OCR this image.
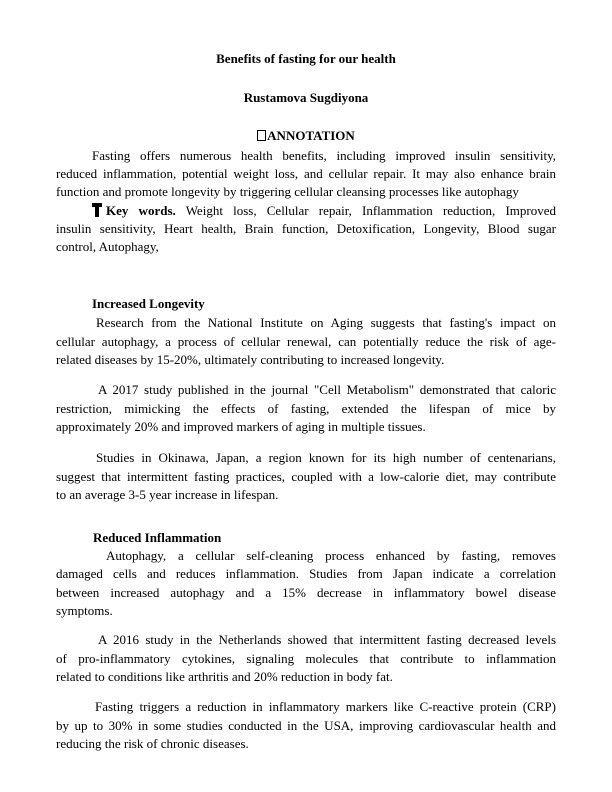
Benefits of fasting for our health
Rustamova Sugdiyona
ANNOTATION
Fasting offers numerous health benefits, including improved insulin sensitivity,
reduced inflammation, potential weight loss, and cellular repair. It may also enhance brain
function and promote longevity by triggering cellular cleansing processes like autophagy
Key words. Weight loss, Cellular repair, Inflammation reduction, Improved
insulin sensitivity, Heart health, Brain function, Detoxification, Longevity, Blood sugar
control, Autophagy,
Increased Longevity
Research from the National Institute on Aging suggests that fasting's impact on
cellular autophagy, a process of cellular renewal, can potentially reduce the risk of age-
related diseases by 15-20%, ultimately contributing to increased longevity.
A 2017 study published in the journal "Cell Metabolism" demonstrated that caloric
restriction, mimicking the effects of fasting, extended the lifespan of mice by
approximately 20% and improved markers of aging in multiple tissues.
Studies in Okinawa, Japan, a region known for its high number of centenarians,
suggest that intermittent fasting practices, coupled with a low-calorie diet, may contribute
to an average 3-5 year increase in lifespan.
Reduced Inflammation
Autophagy, a cellular self-cleaning process enhanced by fasting, removes
damaged cells and reduces inflammation. Studies from Japan indicate a correlation
between increased autophagy and a 15% decrease in inflammatory bowel disease
symptoms.
A 2016 study in the Netherlands showed that intermittent fasting decreased levels
of pro-inflammatory cytokines, signaling molecules that contribute to inflammation
related to conditions like arthritis and 20% reduction in body fat.
Fasting triggers a reduction in inflammatory markers like C-reactive protein (CRP)
by up to 30% in some studies conducted in the USA, improving cardiovascular health and
reducing the risk of chronic diseases.
